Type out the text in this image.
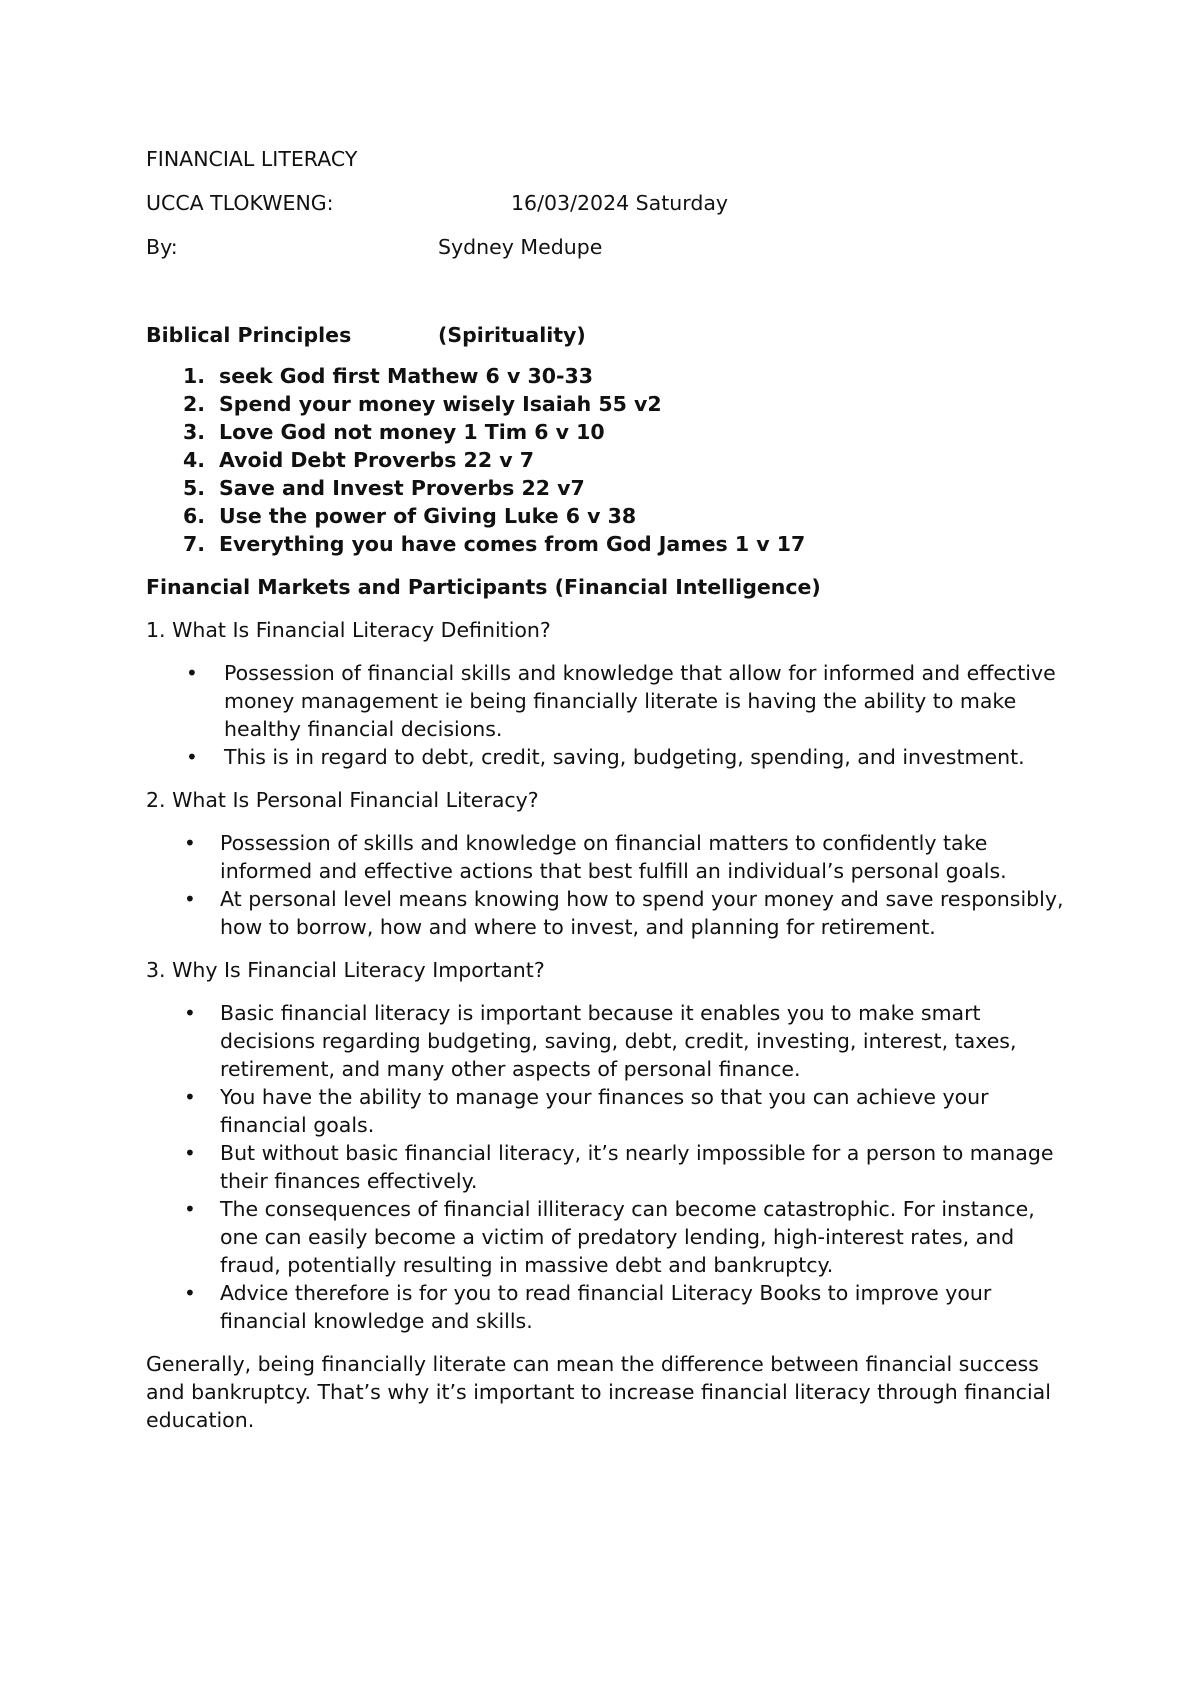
FINANCIAL LITERACY
UCCA TLOKWENG:	16/03/2024 Saturday
By:	Sydney Medupe
Biblical Principles	(Spirituality)
1. seek God first Mathew 6 v 30-33
2. Spend your money wisely Isaiah 55 v2
3. Love God not money 1 Tim 6 v 10
4. Avoid Debt Proverbs 22 v 7
5. Save and Invest Proverbs 22 v7
6. Use the power of Giving Luke 6 v 38
7. Everything you have comes from God James 1 v 17
Financial Markets and Participants (Financial Intelligence)
1. What Is Financial Literacy Definition?
• Possession of financial skills and knowledge that allow for informed and effective money management ie being financially literate is having the ability to make healthy financial decisions.
• This is in regard to debt, credit, saving, budgeting, spending, and investment.
2. What Is Personal Financial Literacy?
• Possession of skills and knowledge on financial matters to confidently take informed and effective actions that best fulfill an individual’s personal goals.
• At personal level means knowing how to spend your money and save responsibly, how to borrow, how and where to invest, and planning for retirement.
3. Why Is Financial Literacy Important?
• Basic financial literacy is important because it enables you to make smart decisions regarding budgeting, saving, debt, credit, investing, interest, taxes, retirement, and many other aspects of personal finance.
• You have the ability to manage your finances so that you can achieve your financial goals.
• But without basic financial literacy, it’s nearly impossible for a person to manage their finances effectively.
• The consequences of financial illiteracy can become catastrophic. For instance, one can easily become a victim of predatory lending, high-interest rates, and fraud, potentially resulting in massive debt and bankruptcy.
• Advice therefore is for you to read financial Literacy Books to improve your financial knowledge and skills.
Generally, being financially literate can mean the difference between financial success and bankruptcy. That’s why it’s important to increase financial literacy through financial education.
